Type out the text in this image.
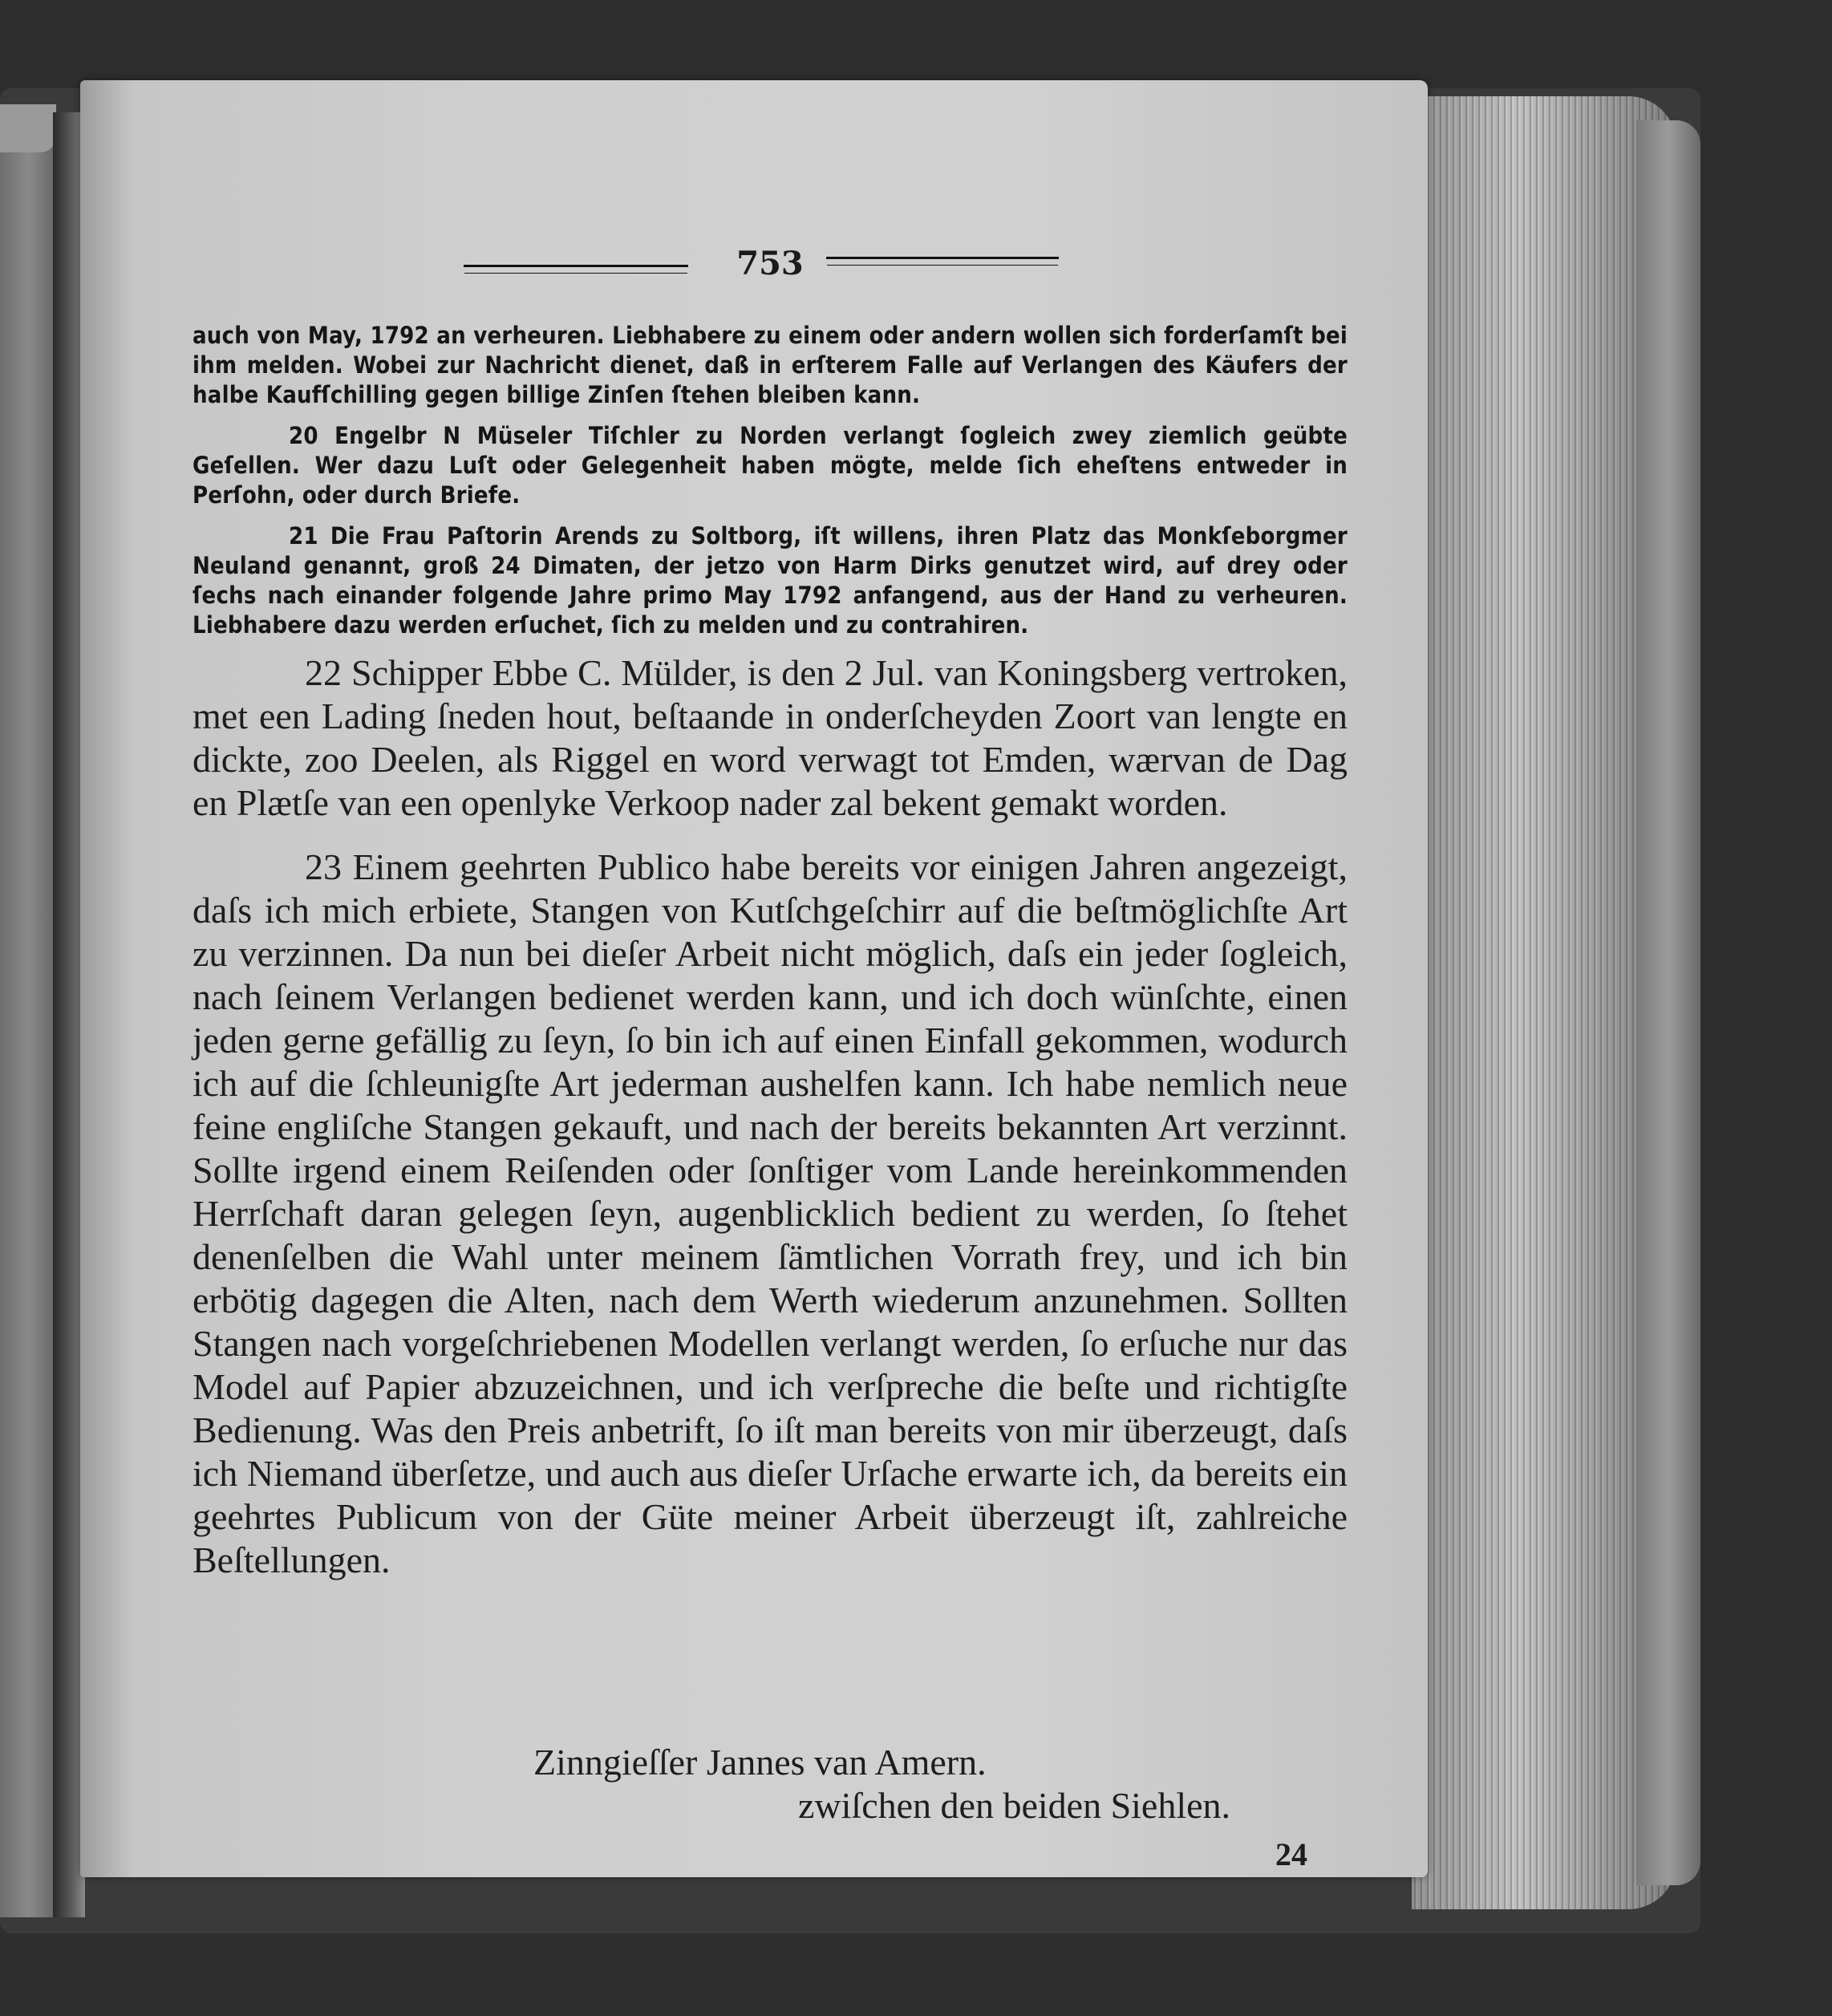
753

auch von May, 1792 an verheuren. Liebhabere zu einem oder andern wollen sich forderſamſt bei ihm melden. Wobei zur Nachricht dienet, daß in erſterem Falle auf Verlangen des Käufers der halbe Kaufſchilling gegen billige Zinſen ſtehen bleiben kann.

20 Engelbr N Müseler Tiſchler zu Norden verlangt ſogleich zwey ziemlich geübte Geſellen. Wer dazu Luſt oder Gelegenheit haben mögte, melde ſich eheſtens entweder in Perſohn, oder durch Briefe.

21 Die Frau Paſtorin Arends zu Soltborg, iſt willens, ihren Platz das Monkſeborgmer Neuland genannt, groß 24 Dimaten, der jetzo von Harm Dirks genutzet wird, auf drey oder ſechs nach einander folgende Jahre primo May 1792 anfangend, aus der Hand zu verheuren. Liebhabere dazu werden erſuchet, ſich zu melden und zu contrahiren.

22 Schipper Ebbe C. Mülder, is den 2 Jul. van Koningsberg vertroken, met een Lading ſneden hout, beſtaande in onderſcheyden Zoort van lengte en dickte, zoo Deelen, als Riggel en word verwagt tot Emden, wærvan de Dag en Plætſe van een openlyke Verkoop nader zal bekent gemakt worden.

23 Einem geehrten Publico habe bereits vor einigen Jahren angezeigt, daſs ich mich erbiete, Stangen von Kutſchgeſchirr auf die beſtmöglichſte Art zu verzinnen. Da nun bei dieſer Arbeit nicht möglich, daſs ein jeder ſogleich, nach ſeinem Verlangen bedienet werden kann, und ich doch wünſchte, einen jeden gerne gefällig zu ſeyn, ſo bin ich auf einen Einfall gekommen, wodurch ich auf die ſchleunigſte Art jederman aushelfen kann. Ich habe nemlich neue feine engliſche Stangen gekauft, und nach der bereits bekannten Art verzinnt. Sollte irgend einem Reiſenden oder ſonſtiger vom Lande hereinkommenden Herrſchaft daran gelegen ſeyn, augenblicklich bedient zu werden, ſo ſtehet denenſelben die Wahl unter meinem ſämtlichen Vorrath frey, und ich bin erbötig dagegen die Alten, nach dem Werth wiederum anzunehmen. Sollten Stangen nach vorgeſchriebenen Modellen verlangt werden, ſo erſuche nur das Model auf Papier abzuzeichnen, und ich verſpreche die beſte und richtigſte Bedienung. Was den Preis anbetrift, ſo iſt man bereits von mir überzeugt, daſs ich Niemand überſetze, und auch aus dieſer Urſache erwarte ich, da bereits ein geehrtes Publicum von der Güte meiner Arbeit überzeugt iſt, zahlreiche Beſtellungen.

Zinngieſſer Jannes van Amern.
zwiſchen den beiden Siehlen.
24
